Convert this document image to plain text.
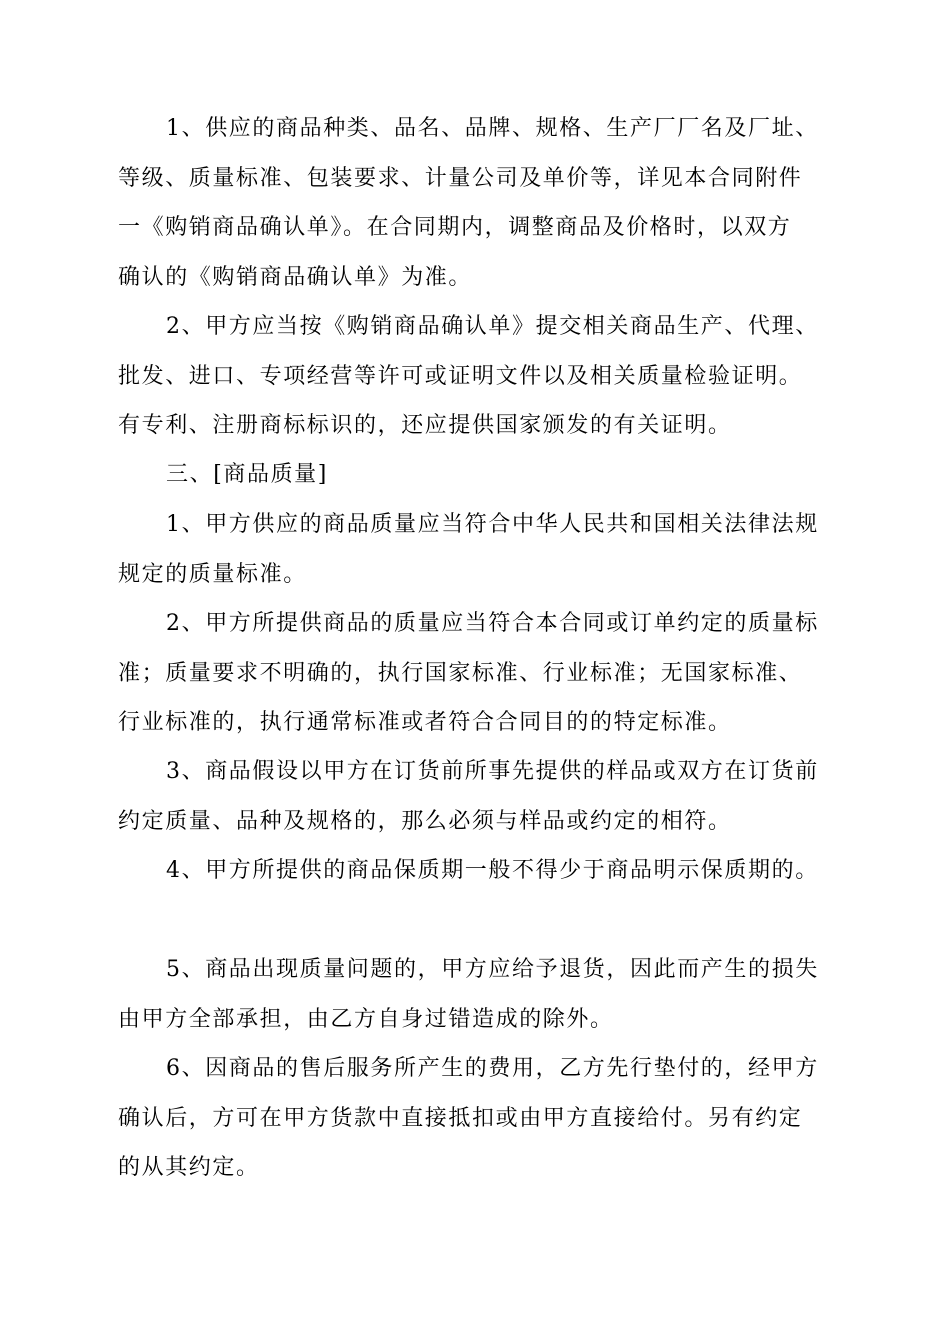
1、供应的商品种类、品名、品牌、规格、生产厂厂名及厂址、
等级、质量标准、包装要求、计量公司及单价等，详见本合同附件
一《购销商品确认单》。在合同期内，调整商品及价格时，以双方
确认的《购销商品确认单》为准。
2、甲方应当按《购销商品确认单》提交相关商品生产、代理、
批发、进口、专项经营等许可或证明文件以及相关质量检验证明。
有专利、注册商标标识的，还应提供国家颁发的有关证明。
三、[商品质量]
1、甲方供应的商品质量应当符合中华人民共和国相关法律法规
规定的质量标准。
2、甲方所提供商品的质量应当符合本合同或订单约定的质量标
准；质量要求不明确的，执行国家标准、行业标准；无国家标准、
行业标准的，执行通常标准或者符合合同目的的特定标准。
3、商品假设以甲方在订货前所事先提供的样品或双方在订货前
约定质量、品种及规格的，那么必须与样品或约定的相符。
4、甲方所提供的商品保质期一般不得少于商品明示保质期的。
5、商品出现质量问题的，甲方应给予退货，因此而产生的损失
由甲方全部承担，由乙方自身过错造成的除外。
6、因商品的售后服务所产生的费用，乙方先行垫付的，经甲方
确认后，方可在甲方货款中直接抵扣或由甲方直接给付。另有约定
的从其约定。
